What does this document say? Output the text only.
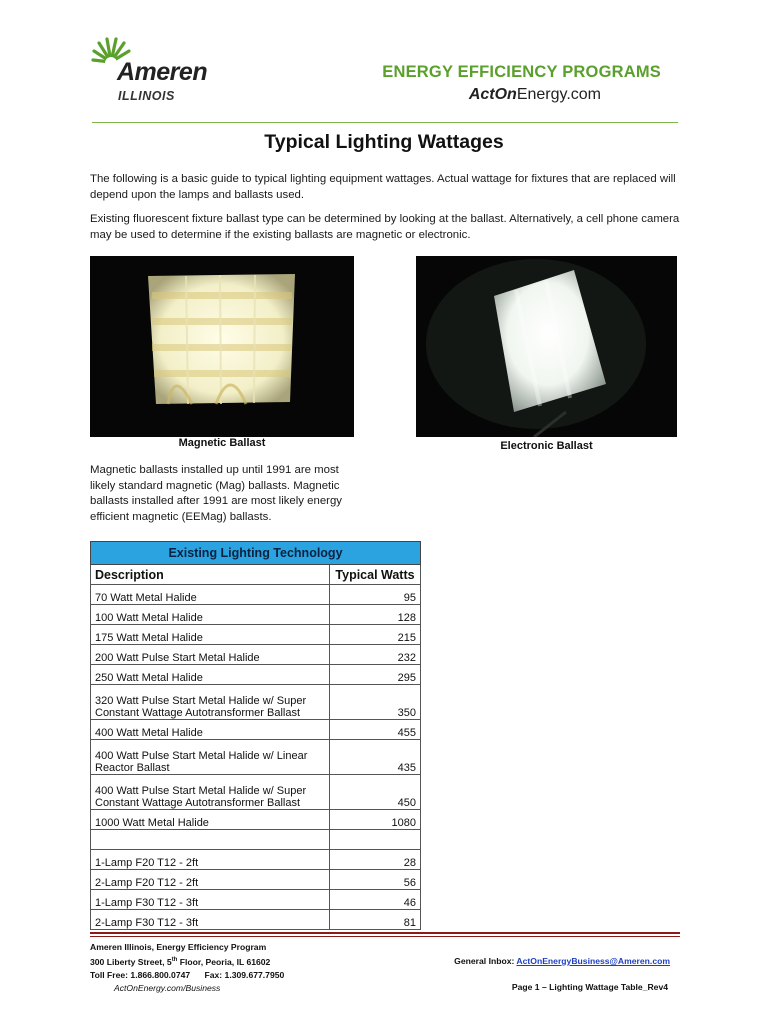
Ameren
ILLINOIS
ENERGY EFFICIENCY PROGRAMS
ActOnEnergy.com
Typical Lighting Wattages
The following is a basic guide to typical lighting equipment wattages. Actual wattage for fixtures that are replaced will depend upon the lamps and ballasts used.
Existing fluorescent fixture ballast type can be determined by looking at the ballast. Alternatively, a cell phone camera may be used to determine if the existing ballasts are magnetic or electronic.
Magnetic Ballast	Electronic Ballast
Magnetic ballasts installed up until 1991 are most likely standard magnetic (Mag) ballasts. Magnetic ballasts installed after 1991 are most likely energy efficient magnetic (EEMag) ballasts.
Existing Lighting Technology	
Description	Typical Watts
70 Watt Metal Halide	95
100 Watt Metal Halide	128
175 Watt Metal Halide	215
200 Watt Pulse Start Metal Halide	232
250 Watt Metal Halide	295
320 Watt Pulse Start Metal Halide w/ Super Constant Wattage Autotransformer Ballast	350
400 Watt Metal Halide	455
400 Watt Pulse Start Metal Halide w/ Linear Reactor Ballast	435
400 Watt Pulse Start Metal Halide w/ Super Constant Wattage Autotransformer Ballast	450
1000 Watt Metal Halide	1080

1-Lamp F20 T12 - 2ft	28
2-Lamp F20 T12 - 2ft	56
1-Lamp F30 T12 - 3ft	46
2-Lamp F30 T12 - 3ft	81
Ameren Illinois, Energy Efficiency Program
300 Liberty Street, 5th Floor, Peoria, IL 61602
Toll Free: 1.866.800.0747      Fax: 1.309.677.7950
ActOnEnergy.com/Business
General Inbox: ActOnEnergyBusiness@Ameren.com
Page 1 – Lighting Wattage Table_Rev4
